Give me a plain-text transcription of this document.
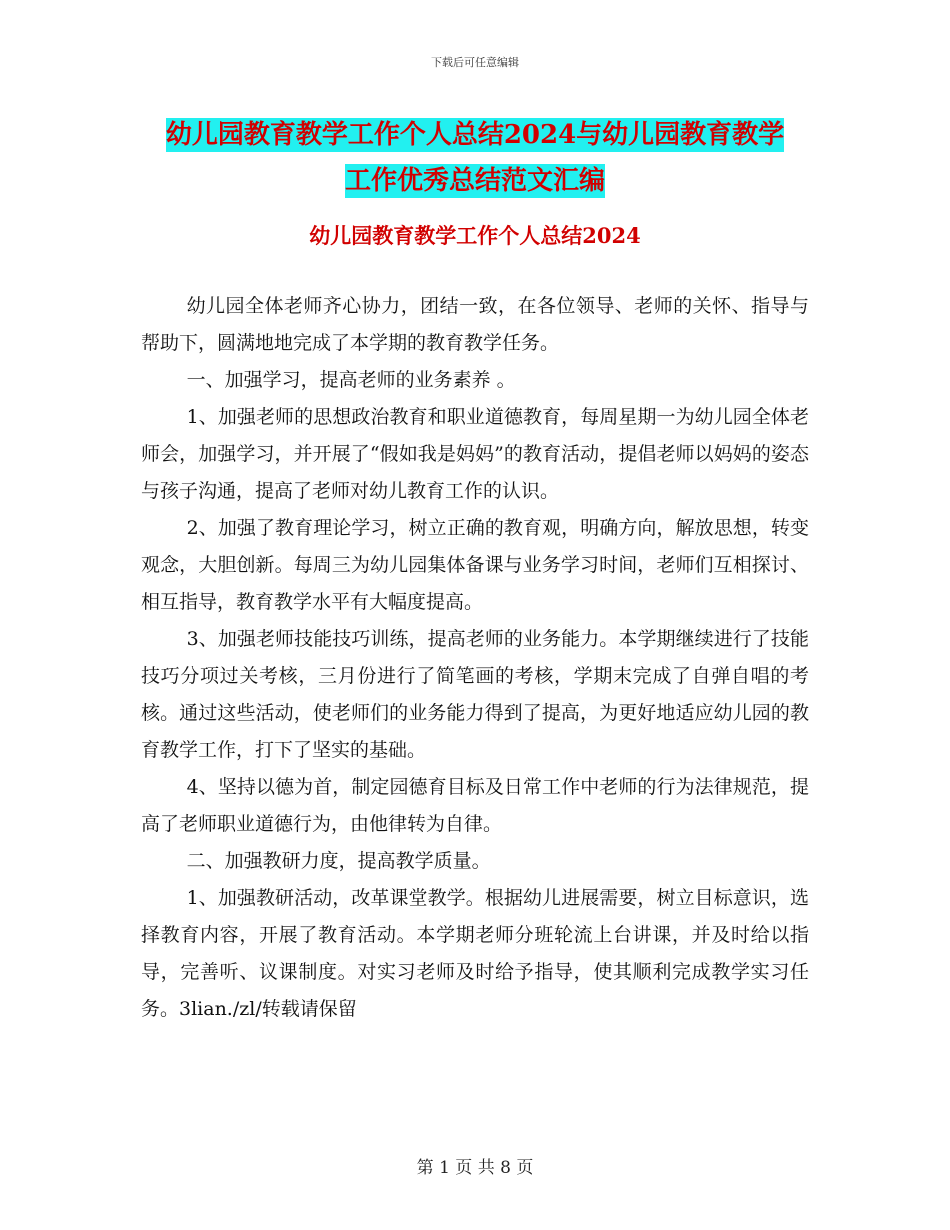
下载后可任意编辑
幼儿园教育教学工作个人总结2024与幼儿园教育教学
工作优秀总结范文汇编
幼儿园教育教学工作个人总结2024

幼儿园全体老师齐心协力，团结一致，在各位领导、老师的关怀、指导与帮助下，圆满地地完成了本学期的教育教学任务。

一、加强学习，提高老师的业务素养 。

1、加强老师的思想政治教育和职业道德教育，每周星期一为幼儿园全体老师会，加强学习，并开展了“假如我是妈妈”的教育活动，提倡老师以妈妈的姿态与孩子沟通，提高了老师对幼儿教育工作的认识。

2、加强了教育理论学习，树立正确的教育观，明确方向，解放思想，转变观念，大胆创新。每周三为幼儿园集体备课与业务学习时间，老师们互相探讨、相互指导，教育教学水平有大幅度提高。

3、加强老师技能技巧训练，提高老师的业务能力。本学期继续进行了技能技巧分项过关考核，三月份进行了简笔画的考核，学期末完成了自弹自唱的考核。通过这些活动，使老师们的业务能力得到了提高，为更好地适应幼儿园的教育教学工作，打下了坚实的基础。

4、坚持以德为首，制定园德育目标及日常工作中老师的行为法律规范，提高了老师职业道德行为，由他律转为自律。

二、加强教研力度，提高教学质量。

1、加强教研活动，改革课堂教学。根据幼儿进展需要，树立目标意识，选择教育内容，开展了教育活动。本学期老师分班轮流上台讲课，并及时给以指导，完善听、议课制度。对实习老师及时给予指导，使其顺利完成教学实习任务。3lian./zl/转载请保留

第 1 页 共 8 页
